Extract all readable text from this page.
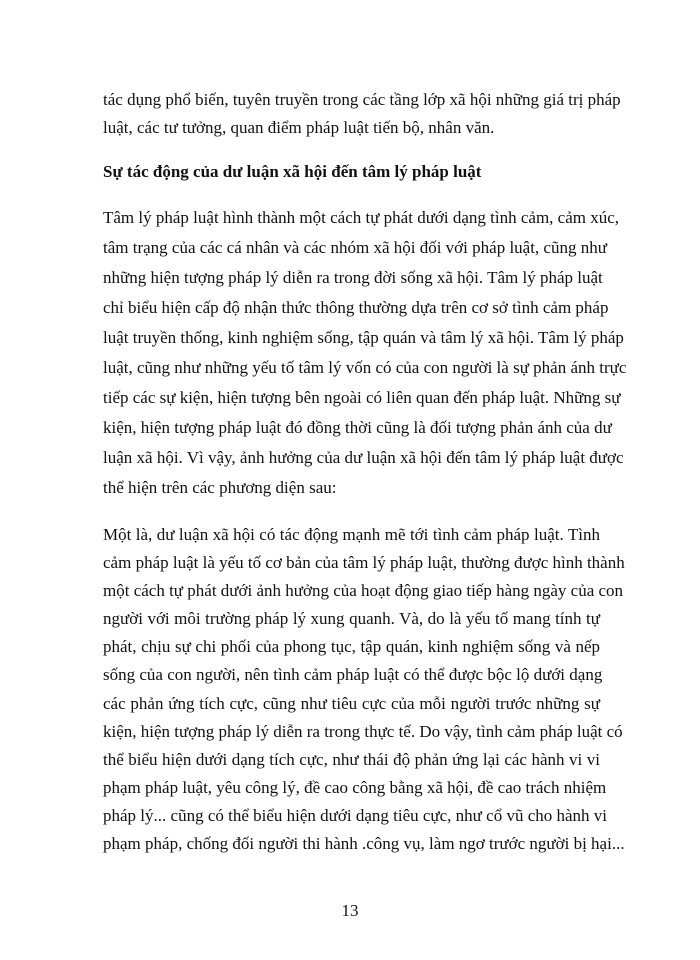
tác dụng phổ biến, tuyên truyền trong các tầng lớp xã hội những giá trị pháp
luật, các tư tưởng, quan điểm pháp luật tiến bộ, nhân văn.
Sự tác động của dư luận xã hội đến tâm lý pháp luật
Tâm lý pháp luật hình thành một cách tự phát dưới dạng tình cảm, cảm xúc,
tâm trạng của các cá nhân và các nhóm xã hội đối với pháp luật, cũng như
những hiện tượng pháp lý diễn ra trong đời sống xã hội. Tâm lý pháp luật
chỉ biểu hiện cấp độ nhận thức thông thường dựa trên cơ sở tình cảm pháp
luật truyền thống, kinh nghiệm sống, tập quán và tâm lý xã hội. Tâm lý pháp
luật, cũng như những yếu tố tâm lý vốn có của con người là sự phản ánh trực
tiếp các sự kiện, hiện tượng bên ngoài có liên quan đến pháp luật. Những sự
kiện, hiện tượng pháp luật đó đồng thời cũng là đối tượng phản ánh của dư
luận xã hội. Vì vậy, ảnh hưởng của dư luận xã hội đến tâm lý pháp luật được
thể hiện trên các phương diện sau:
Một là, dư luận xã hội có tác động mạnh mẽ tới tình cảm pháp luật. Tình
cảm pháp luật là yếu tố cơ bản của tâm lý pháp luật, thường được hình thành
một cách tự phát dưới ảnh hưởng của hoạt động giao tiếp hàng ngày của con
người với môi trường pháp lý xung quanh. Và, do là yếu tố mang tính tự
phát, chịu sự chi phối của phong tục, tập quán, kinh nghiệm sống và nếp
sống của con người, nên tình cảm pháp luật có thể được bộc lộ dưới dạng
các phản ứng tích cực, cũng như tiêu cực của mỗi người trước những sự
kiện, hiện tượng pháp lý diễn ra trong thực tế. Do vậy, tình cảm pháp luật có
thể biểu hiện dưới dạng tích cực, như thái độ phản ứng lại các hành vi vi
phạm pháp luật, yêu công lý, đề cao công bằng xã hội, đề cao trách nhiệm
pháp lý... cũng có thể biểu hiện dưới dạng tiêu cực, như cổ vũ cho hành vi
phạm pháp, chống đối người thi hành .công vụ, làm ngơ trước người bị hại...
13
